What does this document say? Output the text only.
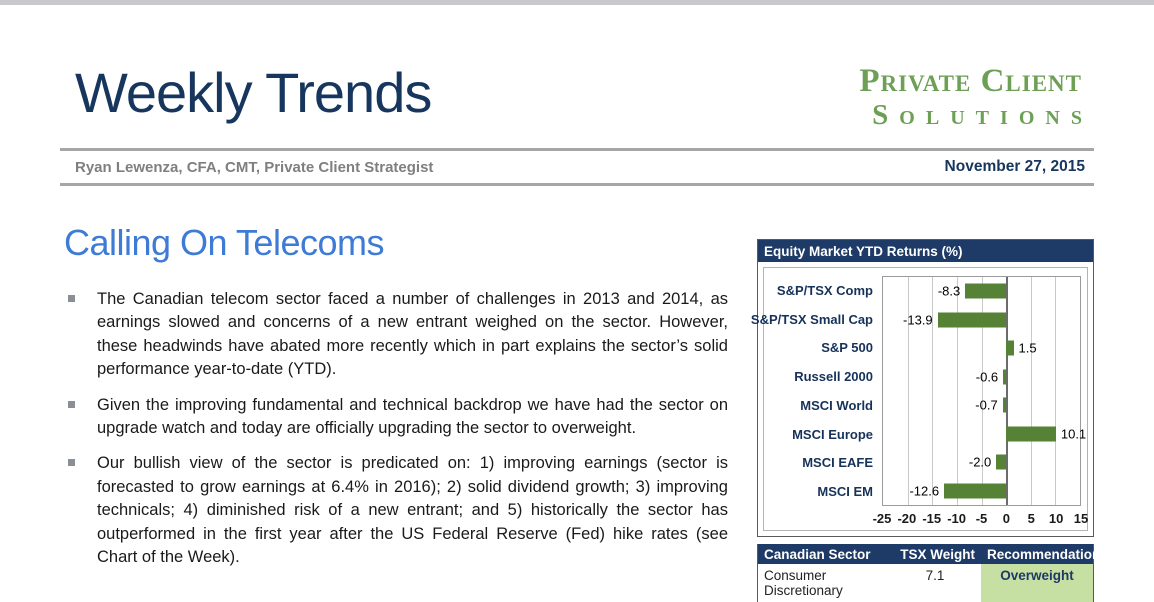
Weekly Trends	Private Client
Solutions
Ryan Lewenza, CFA, CMT, Private Client Strategist	November 27, 2015
Calling On Telecoms
The Canadian telecom sector faced a number of challenges in 2013 and 2014, as earnings slowed and concerns of a new entrant weighed on the sector. However, these headwinds have abated more recently which in part explains the sector’s solid performance year-to-date (YTD).
Given the improving fundamental and technical backdrop we have had the sector on upgrade watch and today are officially upgrading the sector to overweight.
Our bullish view of the sector is predicated on: 1) improving earnings (sector is forecasted to grow earnings at 6.4% in 2016); 2) solid dividend growth; 3) improving technicals; 4) diminished risk of a new entrant; and 5) historically the sector has outperformed in the first year after the US Federal Reserve (Fed) hike rates (see Chart of the Week).
Equity Market YTD Returns (%)
S&P/TSX Comp
S&P/TSX Small Cap
S&P 500
Russell 2000
MSCI World
MSCI Europe
MSCI EAFE
MSCI EM
-8.3
-13.9
1.5
-0.6
-0.7
10.1
-2.0
-12.6
-25 -20 -15 -10 -5 0 5 10 15
Canadian Sector	TSX Weight Recommendation
Consumer Discretionary
7.1	Overweight
